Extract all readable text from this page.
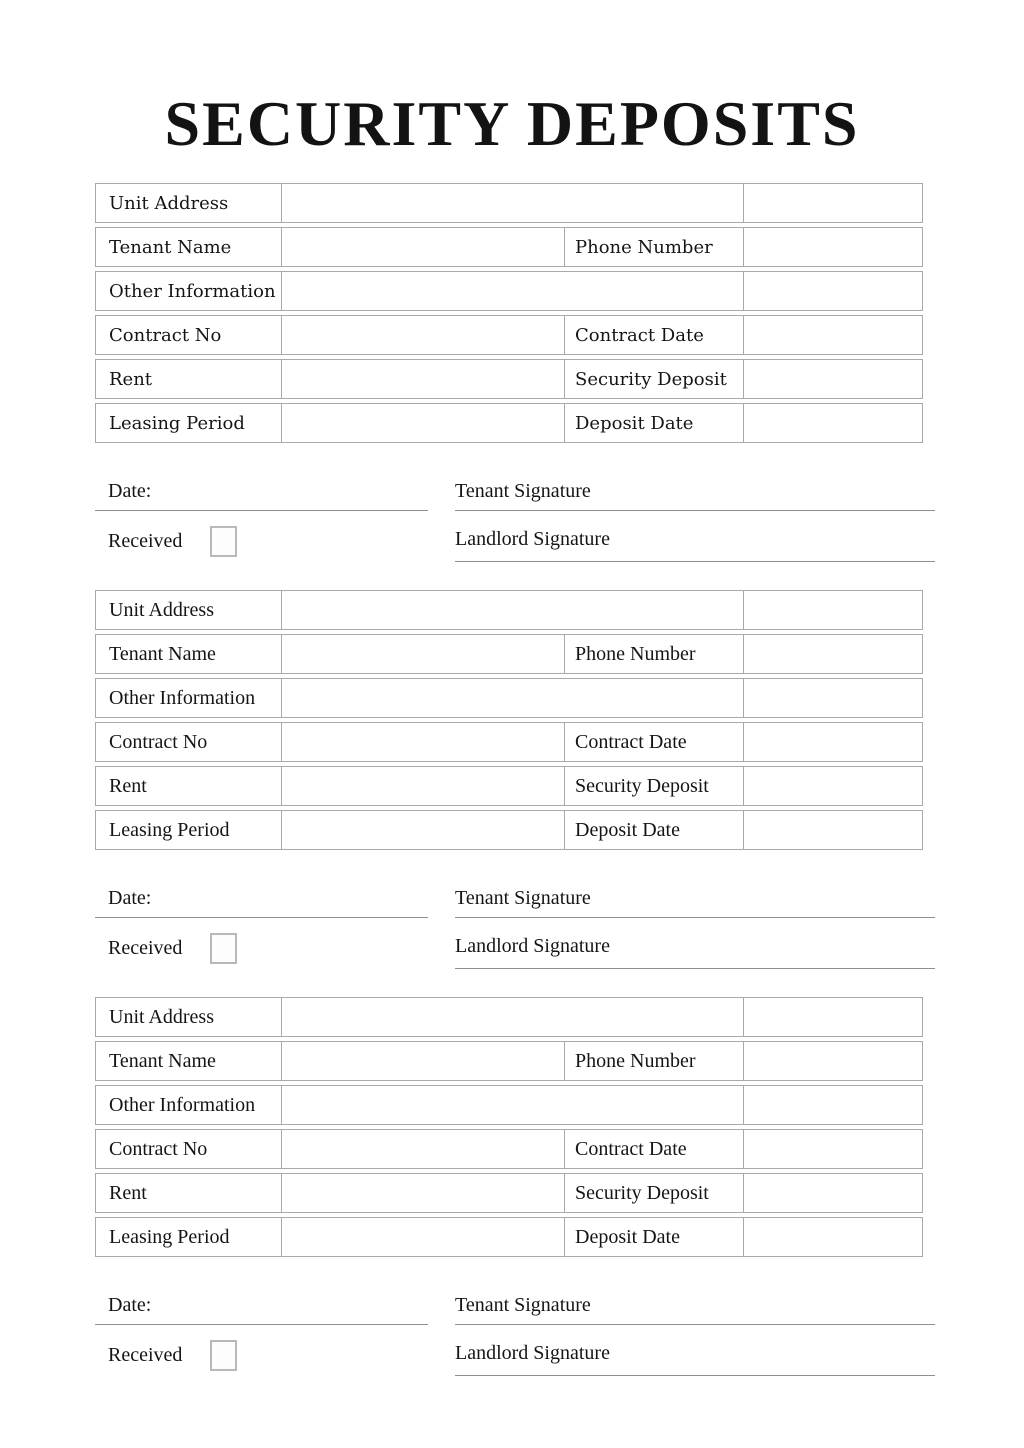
SECURITY DEPOSITS
Unit Address
Tenant Name	Phone Number
Other Information
Contract No	Contract Date
Rent	Security Deposit
Leasing Period	Deposit Date
Date:	Tenant Signature
Received	Landlord Signature
Unit Address
Tenant Name	Phone Number
Other Information
Contract No	Contract Date
Rent	Security Deposit
Leasing Period	Deposit Date
Date:	Tenant Signature
Received	Landlord Signature
Unit Address
Tenant Name	Phone Number
Other Information
Contract No	Contract Date
Rent	Security Deposit
Leasing Period	Deposit Date
Date:	Tenant Signature
Received	Landlord Signature
